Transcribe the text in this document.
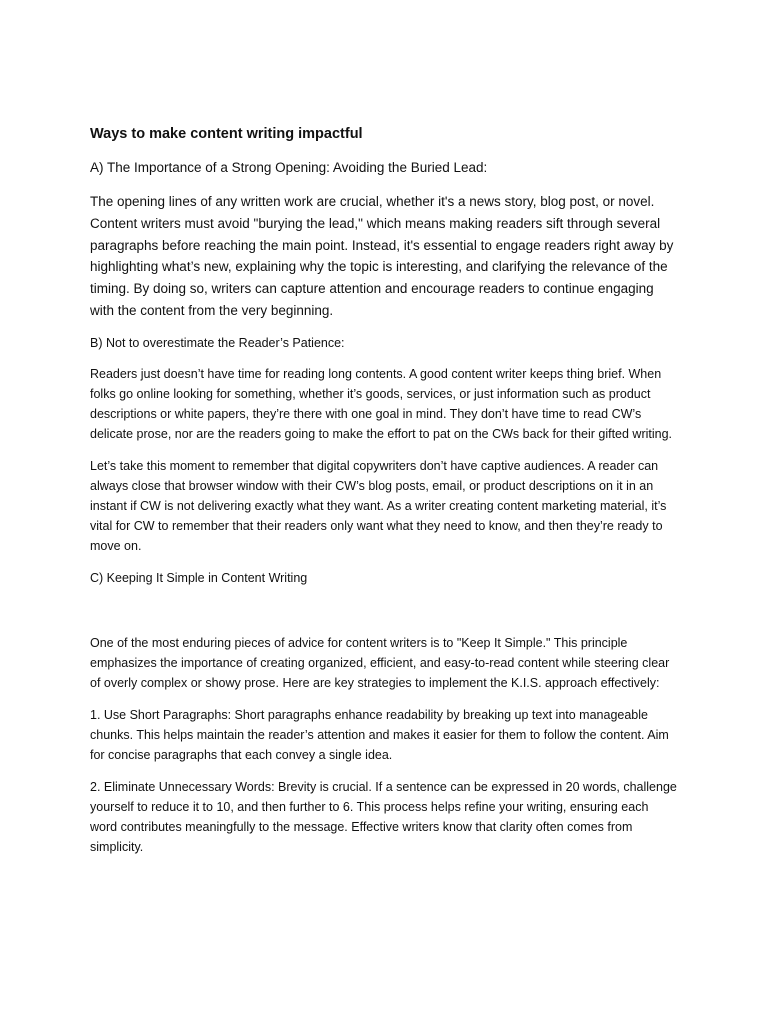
Ways to make content writing impactful
A) The Importance of a Strong Opening: Avoiding the Buried Lead:

The opening lines of any written work are crucial, whether it's a news story, blog post, or novel. Content writers must avoid "burying the lead," which means making readers sift through several paragraphs before reaching the main point. Instead, it's essential to engage readers right away by highlighting what’s new, explaining why the topic is interesting, and clarifying the relevance of the timing. By doing so, writers can capture attention and encourage readers to continue engaging with the content from the very beginning.

B) Not to overestimate the Reader’s Patience:

Readers just doesn’t have time for reading long contents. A good content writer keeps thing brief. When folks go online looking for something, whether it’s goods, services, or just information such as product descriptions or white papers, they’re there with one goal in mind. They don’t have time to read CW’s delicate prose, nor are the readers going to make the effort to pat on the CWs back for their gifted writing.

Let’s take this moment to remember that digital copywriters don’t have captive audiences. A reader can always close that browser window with their CW’s blog posts, email, or product descriptions on it in an instant if CW is not delivering exactly what they want. As a writer creating content marketing material, it’s vital for CW to remember that their readers only want what they need to know, and then they’re ready to move on.

C) Keeping It Simple in Content Writing

One of the most enduring pieces of advice for content writers is to "Keep It Simple." This principle emphasizes the importance of creating organized, efficient, and easy-to-read content while steering clear of overly complex or showy prose. Here are key strategies to implement the K.I.S. approach effectively:

1. Use Short Paragraphs: Short paragraphs enhance readability by breaking up text into manageable chunks. This helps maintain the reader’s attention and makes it easier for them to follow the content. Aim for concise paragraphs that each convey a single idea.

2. Eliminate Unnecessary Words: Brevity is crucial. If a sentence can be expressed in 20 words, challenge yourself to reduce it to 10, and then further to 6. This process helps refine your writing, ensuring each word contributes meaningfully to the message. Effective writers know that clarity often comes from simplicity.
